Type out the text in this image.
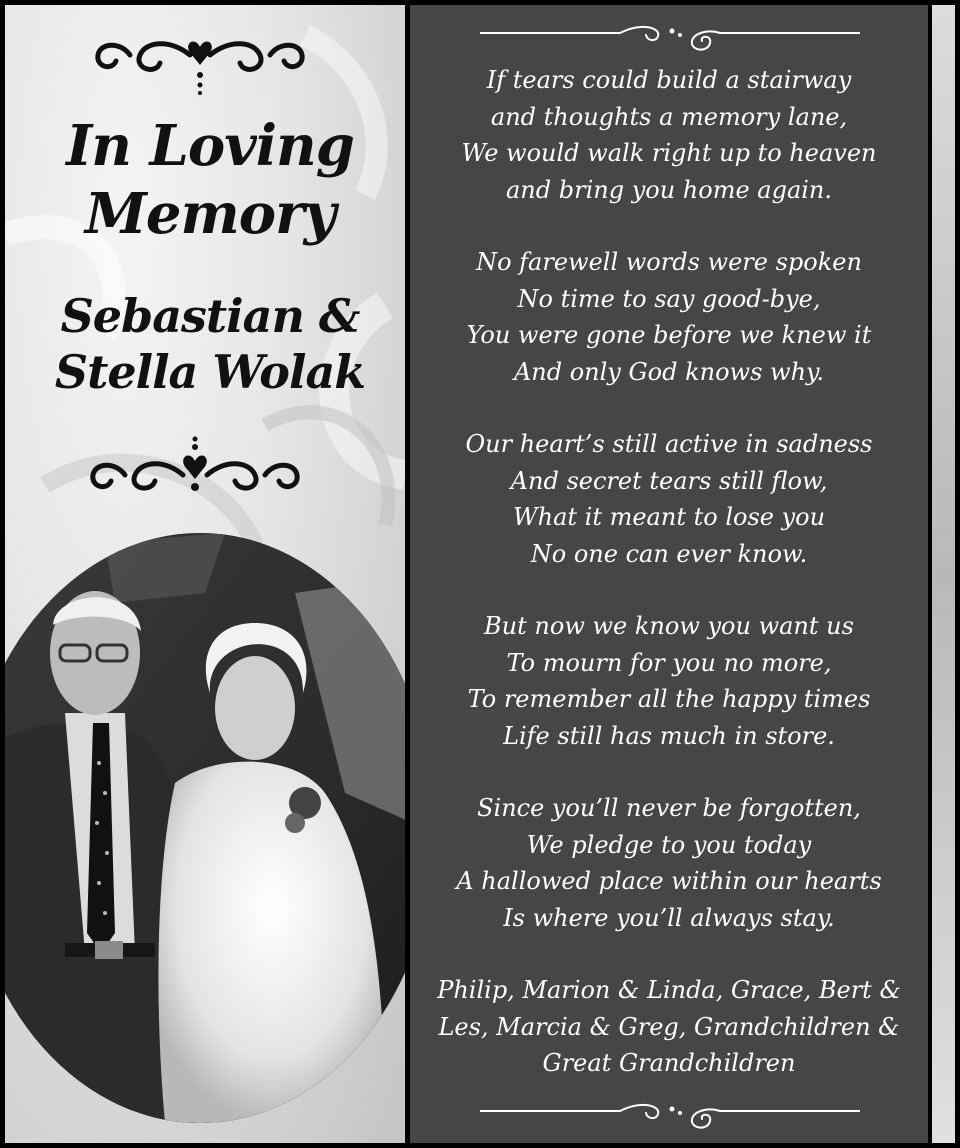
In Loving
Memory
Sebastian &
Stella Wolak
If tears could build a stairway
and thoughts a memory lane,
We would walk right up to heaven
and bring you home again.
No farewell words were spoken
No time to say good-bye,
You were gone before we knew it
And only God knows why.
Our heart’s still active in sadness
And secret tears still flow,
What it meant to lose you
No one can ever know.
But now we know you want us
To mourn for you no more,
To remember all the happy times
Life still has much in store.
Since you’ll never be forgotten,
We pledge to you today
A hallowed place within our hearts
Is where you’ll always stay.
Philip, Marion & Linda, Grace, Bert &
Les, Marcia & Greg, Grandchildren &
Great Grandchildren
